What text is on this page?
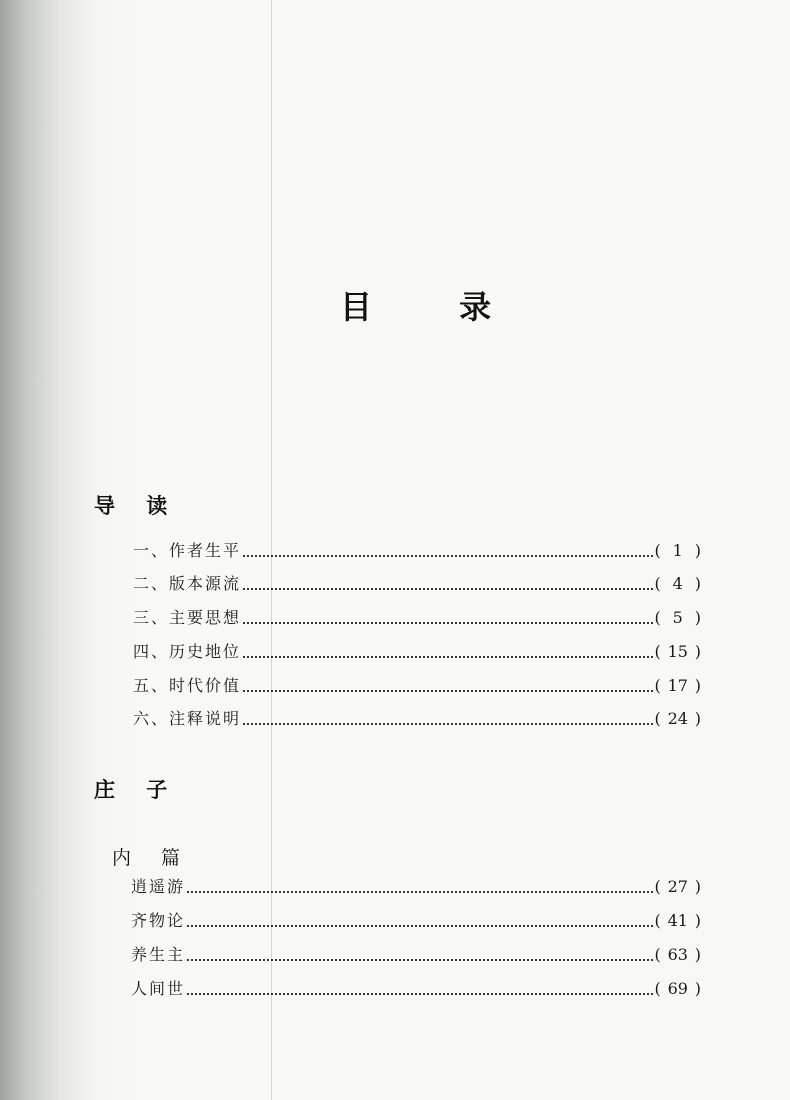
目 录
导 读
一、作者生平	( 1 )
二、版本源流	( 4 )
三、主要思想	( 5 )
四、历史地位	( 15 )
五、时代价值	( 17 )
六、注释说明	( 24 )
庄 子
内 篇
逍遥游	( 27 )
齐物论	( 41 )
养生主	( 63 )
人间世	( 69 )
